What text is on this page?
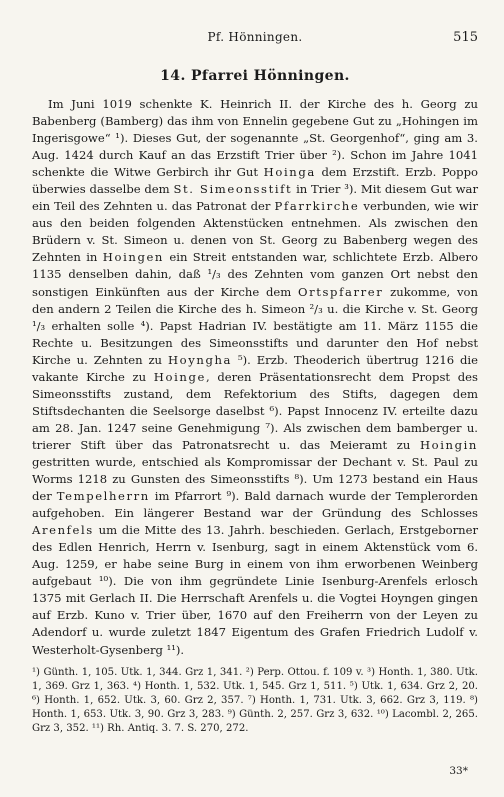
Pf. Hönningen.	515
14. Pfarrei Hönningen.

Im Juni 1019 schenkte K. Heinrich II. der Kirche des h. Georg zu Babenberg (Bamberg) das ihm von Ennelin gegebene Gut zu „Hohingen im Ingerisgowe“ ¹). Dieses Gut, der sogenannte „St. Georgenhof“, ging am 3. Aug. 1424 durch Kauf an das Erzstift Trier über ²). Schon im Jahre 1041 schenkte die Witwe Gerbirch ihr Gut Hoinga dem Erzstift. Erzb. Poppo überwies dasselbe dem St. Simeonsstift in Trier ³). Mit diesem Gut war ein Teil des Zehnten u. das Patronat der Pfarrkirche verbunden, wie wir aus den beiden folgenden Aktenstücken entnehmen. Als zwischen den Brüdern v. St. Simeon u. denen von St. Georg zu Babenberg wegen des Zehnten in Hoingen ein Streit entstanden war, schlichtete Erzb. Albero 1135 denselben dahin, daß ¹/₃ des Zehnten vom ganzen Ort nebst den sonstigen Einkünften aus der Kirche dem Ortspfarrer zukomme, von den andern 2 Teilen die Kirche des h. Simeon ²/₃ u. die Kirche v. St. Georg ¹/₃ erhalten solle ⁴). Papst Hadrian IV. bestätigte am 11. März 1155 die Rechte u. Besitzungen des Simeonsstifts und darunter den Hof nebst Kirche u. Zehnten zu Hoyngha ⁵). Erzb. Theoderich übertrug 1216 die vakante Kirche zu Hoinge, deren Präsentationsrecht dem Propst des Simeonsstifts zustand, dem Refektorium des Stifts, dagegen dem Stiftsdechanten die Seelsorge daselbst ⁶). Papst Innocenz IV. erteilte dazu am 28. Jan. 1247 seine Genehmigung ⁷). Als zwischen dem bamberger u. trierer Stift über das Patronatsrecht u. das Meieramt zu Hoingin gestritten wurde, entschied als Kompromissar der Dechant v. St. Paul zu Worms 1218 zu Gunsten des Simeonsstifts ⁸). Um 1273 bestand ein Haus der Tempelherrn im Pfarrort ⁹). Bald darnach wurde der Templerorden aufgehoben. Ein längerer Bestand war der Gründung des Schlosses Arenfels um die Mitte des 13. Jahrh. beschieden. Gerlach, Erstgeborner des Edlen Henrich, Herrn v. Isenburg, sagt in einem Aktenstück vom 6. Aug. 1259, er habe seine Burg in einem von ihm erworbenen Weinberg aufgebaut ¹⁰). Die von ihm gegründete Linie Isenburg-Arenfels erlosch 1375 mit Gerlach II. Die Herrschaft Arenfels u. die Vogtei Hoyngen gingen auf Erzb. Kuno v. Trier über, 1670 auf den Freiherrn von der Leyen zu Adendorf u. wurde zuletzt 1847 Eigentum des Grafen Friedrich Ludolf v. Westerholt-Gysenberg ¹¹).

¹) Günth. 1, 105. Utk. 1, 344. Grz 1, 341. ²) Perp. Ottou. f. 109 v. ³) Honth. 1, 380. Utk. 1, 369. Grz 1, 363. ⁴) Honth. 1, 532. Utk. 1, 545. Grz 1, 511. ⁵) Utk. 1, 634. Grz 2, 20. ⁶) Honth. 1, 652. Utk. 3, 60. Grz 2, 357. ⁷) Honth. 1, 731. Utk. 3, 662. Grz 3, 119. ⁸) Honth. 1, 653. Utk. 3, 90. Grz 3, 283. ⁹) Günth. 2, 257. Grz 3, 632. ¹⁰) Lacombl. 2, 265. Grz 3, 352. ¹¹) Rh. Antiq. 3. 7. S. 270, 272.

33*
